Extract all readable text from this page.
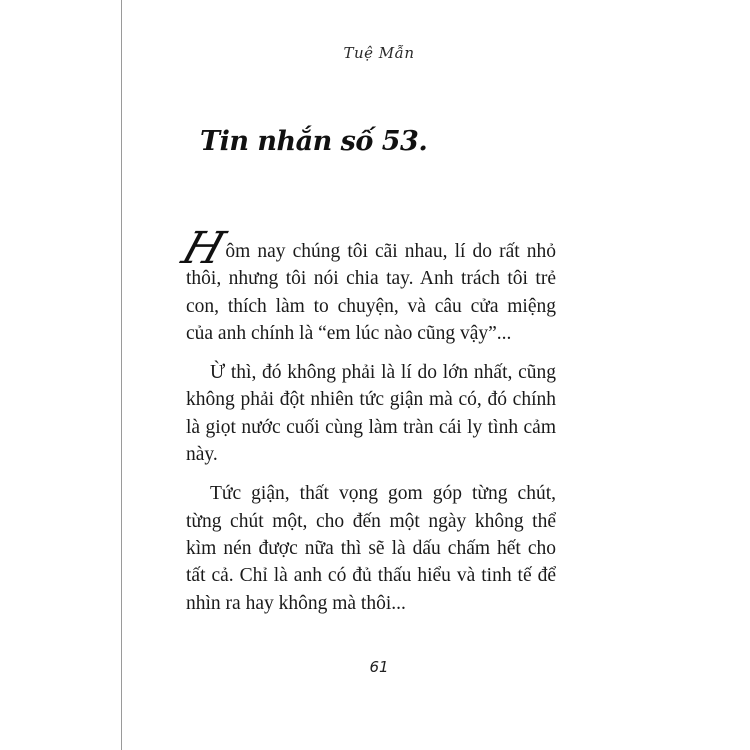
Tuệ Mẫn
Tin nhắn số 53.

Hôm nay chúng tôi cãi nhau, lí do rất nhỏ thôi, nhưng tôi nói chia tay. Anh trách tôi trẻ con, thích làm to chuyện, và câu cửa miệng của anh chính là “em lúc nào cũng vậy”...

Ừ thì, đó không phải là lí do lớn nhất, cũng không phải đột nhiên tức giận mà có, đó chính là giọt nước cuối cùng làm tràn cái ly tình cảm này.

Tức giận, thất vọng gom góp từng chút, từng chút một, cho đến một ngày không thể kìm nén được nữa thì sẽ là dấu chấm hết cho tất cả. Chỉ là anh có đủ thấu hiểu và tinh tế để nhìn ra hay không mà thôi...

61
